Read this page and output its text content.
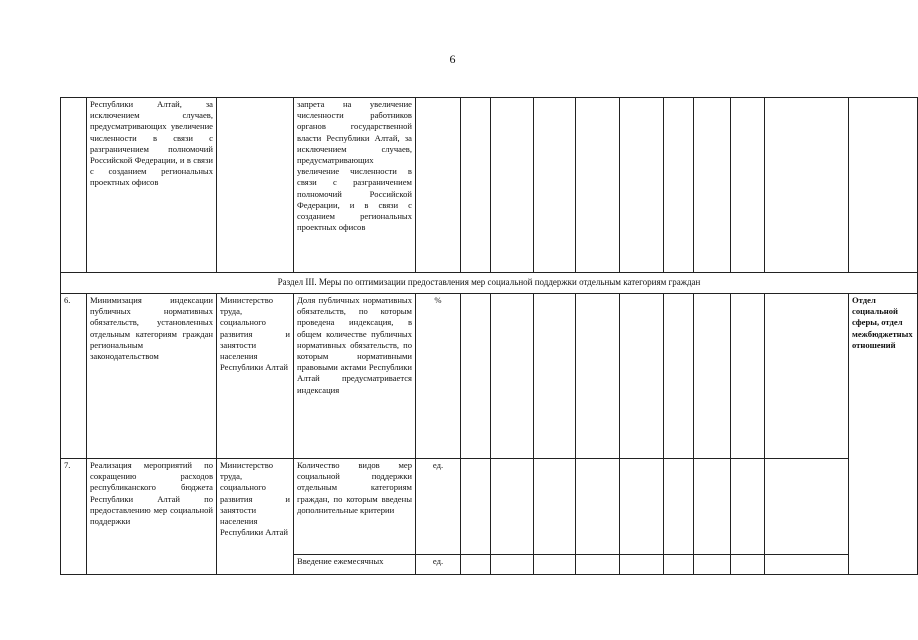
6
	Республики Алтай, за исключением случаев, предусматривающих увеличение численности в связи с разграничением полномочий Российской Федерации, и в связи с созданием региональных проектных офисов		запрета на увеличение численности работников органов государственной власти Республики Алтай, за исключением случаев, предусматривающих увеличение численности в связи с разграничением полномочий Российской Федерации, и в связи с созданием региональных проектных офисов											
Раздел III. Меры по оптимизации предоставления мер социальной поддержки отдельным категориям граждан														
6.	Минимизация индексации публичных нормативных обязательств, установленных отдельным категориям граждан региональным законодательством	Министерство труда, социального развития и занятости населения Республики Алтай	Доля публичных нормативных обязательств, по которым проведена индексация, в общем количестве публичных нормативных обязательств, по которым нормативными правовыми актами Республики Алтай предусматривается индексация	%										Отдел социальной сферы, отдел межбюджетных отношений
7.	Реализация мероприятий по сокращению расходов республиканского бюджета Республики Алтай по предоставлению мер социальной поддержки	Министерство труда, социального развития и занятости населения Республики Алтай	Количество видов мер социальной поддержки отдельным категориям граждан, по которым введены дополнительные критерии	ед.										
			Введение ежемесячных	ед.										
